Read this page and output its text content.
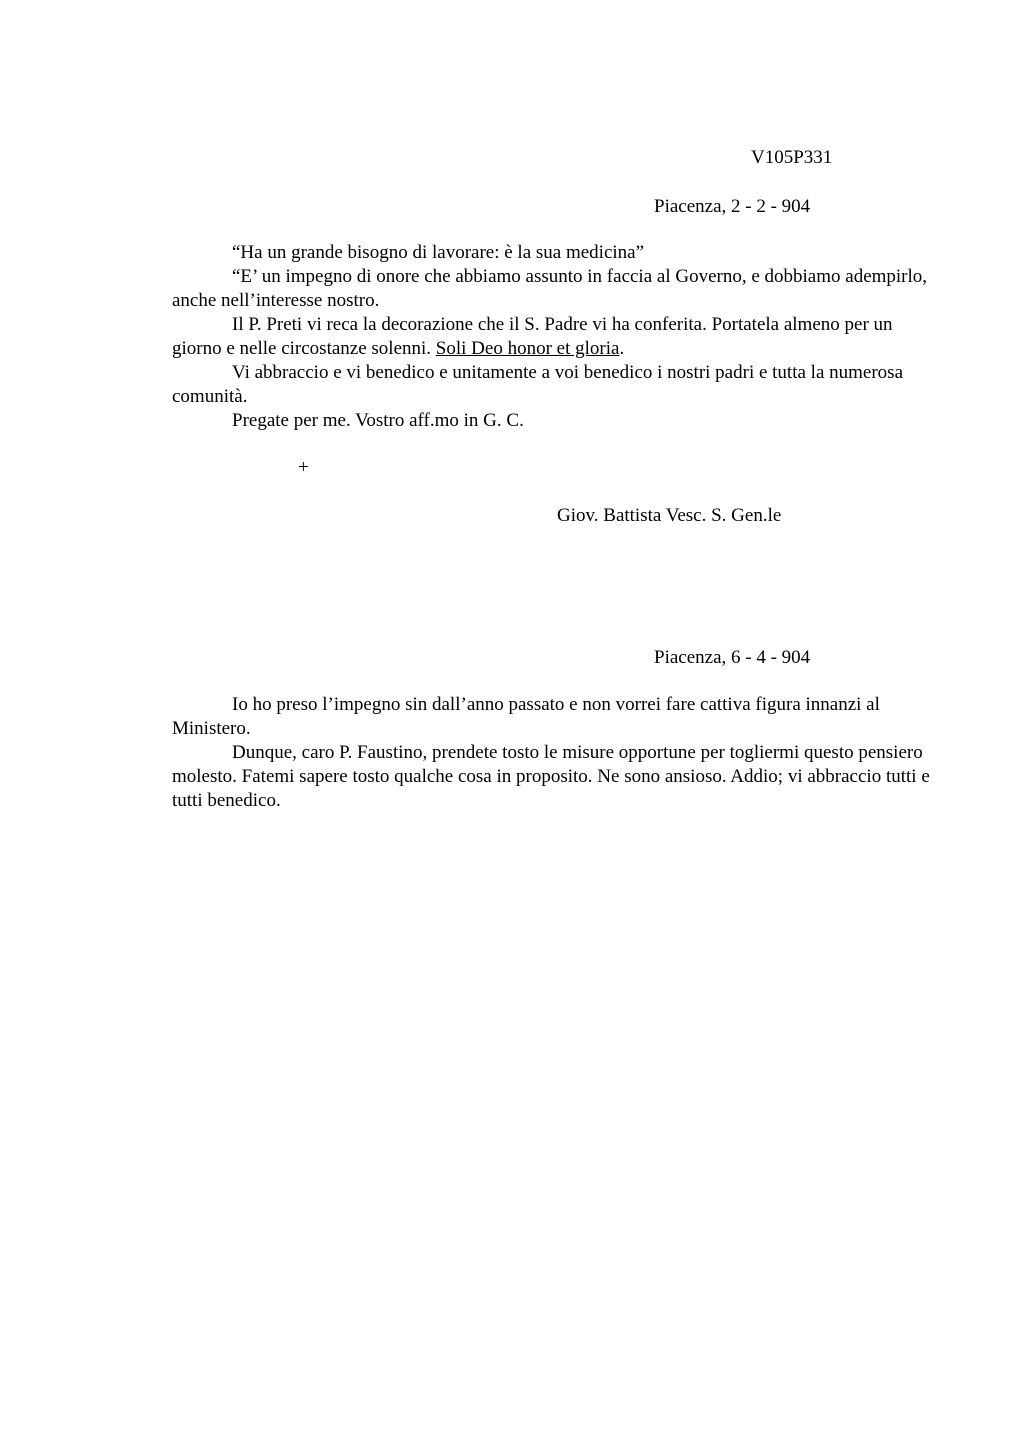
V105P331
Piacenza, 2 - 2 - 904

“Ha un grande bisogno di lavorare: è la sua medicina”

“E’ un impegno di onore che abbiamo assunto in faccia al Governo, e dobbiamo adempirlo, anche nell’interesse nostro.

Il P. Preti vi reca la decorazione che il S. Padre vi ha conferita. Portatela almeno per un giorno e nelle circostanze solenni. Soli Deo honor et gloria.

Vi abbraccio e vi benedico e unitamente a voi benedico i nostri padri e tutta la numerosa comunità.

Pregate per me. Vostro aff.mo in G. C.

+
Giov. Battista Vesc. S. Gen.le
Piacenza, 6 - 4 - 904

Io ho preso l’impegno sin dall’anno passato e non vorrei fare cattiva figura innanzi al Ministero.

Dunque, caro P. Faustino, prendete tosto le misure opportune per togliermi questo pensiero molesto. Fatemi sapere tosto qualche cosa in proposito. Ne sono ansioso. Addio; vi abbraccio tutti e tutti benedico.
